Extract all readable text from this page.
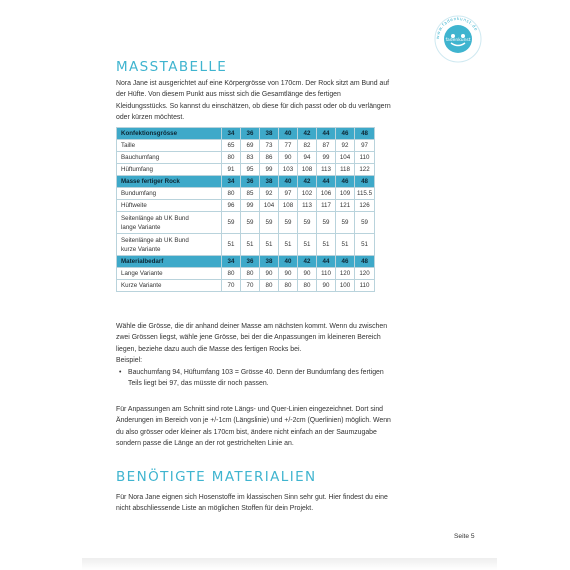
www.fadenkunst.de
fadenkunst
MASSTABELLE
Nora Jane ist ausgerichtet auf eine Körpergrösse von 170cm. Der Rock sitzt am Bund auf
der Hüfte. Von diesem Punkt aus misst sich die Gesamtlänge des fertigen
Kleidungsstücks. So kannst du einschätzen, ob diese für dich passt oder ob du verlängern
oder kürzen möchtest.
Konfektionsgrösse	34	36	38	40	42	44	46	48

Taille	65	69	73	77	82	87	92	97

Bauchumfang	80	83	86	90	94	99	104	110

Hüftumfang	91	95	99	103	108	113	118	122
Masse fertiger Rock	34	36	38	40	42	44	46	48

Bundumfang	80	85	92	97	102	106	109	115.5

Hüftweite	96	99	104	108	113	117	121	126

Seitenlänge ab UK Bund
lange Variante	59	59	59	59	59	59	59	59

Seitenlänge ab UK Bund
kurze Variante	51	51	51	51	51	51	51	51
Materialbedarf	34	36	38	40	42	44	46	48

Lange Variante	80	80	90	90	90	110	120	120

Kurze Variante	70	70	80	80	80	90	100	110
Wähle die Grösse, die dir anhand deiner Masse am nächsten kommt. Wenn du zwischen
zwei Grössen liegst, wähle jene Grösse, bei der die Anpassungen im kleineren Bereich
liegen, beziehe dazu auch die Masse des fertigen Rocks bei.
Beispiel:
• Bauchumfang 94, Hüftumfang 103 = Grösse 40. Denn der Bundumfang des fertigen
Teils liegt bei 97, das müsste dir noch passen.
Für Anpassungen am Schnitt sind rote Längs- und Quer-Linien eingezeichnet. Dort sind
Änderungen im Bereich von je +/-1cm (Längslinie) und +/-2cm (Querlinien) möglich. Wenn
du also grösser oder kleiner als 170cm bist, ändere nicht einfach an der Saumzugabe
sondern passe die Länge an der rot gestrichelten Linie an.
BENÖTIGTE MATERIALIEN
Für Nora Jane eignen sich Hosenstoffe im klassischen Sinn sehr gut. Hier findest du eine
nicht abschliessende Liste an möglichen Stoffen für dein Projekt.
Seite 5
